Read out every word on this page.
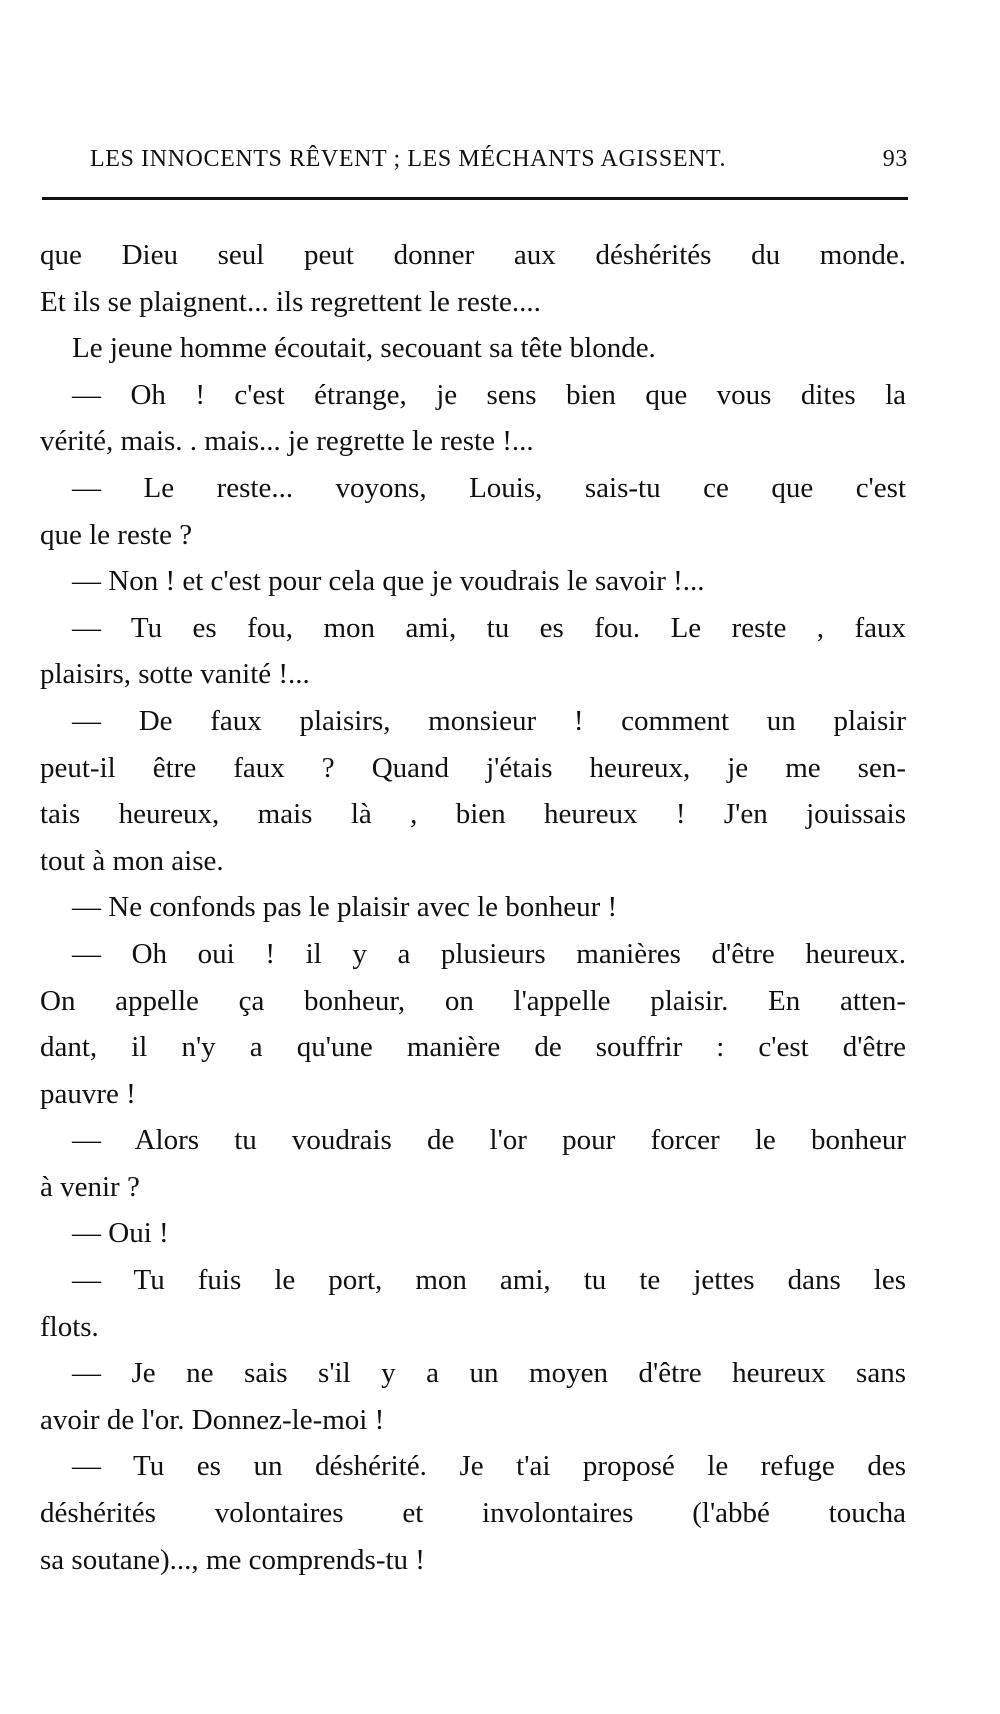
LES INNOCENTS RÊVENT ; LES MÉCHANTS AGISSENT.	93
que Dieu seul peut donner aux déshérités du monde.
Et ils se plaignent... ils regrettent le reste....
Le jeune homme écoutait, secouant sa tête blonde.
— Oh ! c'est étrange, je sens bien que vous dites la
vérité, mais. . mais... je regrette le reste !...
— Le reste... voyons, Louis, sais-tu ce que c'est
que le reste ?
— Non ! et c'est pour cela que je voudrais le savoir !...
— Tu es fou, mon ami, tu es fou. Le reste , faux
plaisirs, sotte vanité !...
— De faux plaisirs, monsieur ! comment un plaisir
peut-il être faux ? Quand j'étais heureux, je me sen-
tais heureux, mais là , bien heureux ! J'en jouissais
tout à mon aise.
— Ne confonds pas le plaisir avec le bonheur !
— Oh oui ! il y a plusieurs manières d'être heureux.
On appelle ça bonheur, on l'appelle plaisir. En atten-
dant, il n'y a qu'une manière de souffrir : c'est d'être
pauvre !
— Alors tu voudrais de l'or pour forcer le bonheur
à venir ?
— Oui !
— Tu fuis le port, mon ami, tu te jettes dans les
flots.
— Je ne sais s'il y a un moyen d'être heureux sans
avoir de l'or. Donnez-le-moi !
— Tu es un déshérité. Je t'ai proposé le refuge des
déshérités volontaires et involontaires (l'abbé toucha
sa soutane)..., me comprends-tu !
